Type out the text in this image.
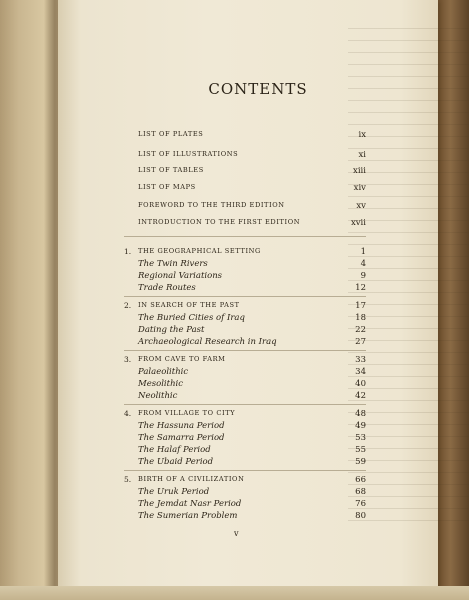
CONTENTS
LIST OF PLATES	ix
LIST OF ILLUSTRATIONS	xi
LIST OF TABLES	xiii
LIST OF MAPS	xiv
FOREWORD TO THE THIRD EDITION	xv
INTRODUCTION TO THE FIRST EDITION	xvii
1. THE GEOGRAPHICAL SETTING	1
The Twin Rivers	4
Regional Variations	9
Trade Routes	12
2. IN SEARCH OF THE PAST	17
The Buried Cities of Iraq	18
Dating the Past	22
Archaeological Research in Iraq	27
3. FROM CAVE TO FARM	33
Palaeolithic	34
Mesolithic	40
Neolithic	42
4. FROM VILLAGE TO CITY	48
The Hassuna Period	49
The Samarra Period	53
The Halaf Period	55
The Ubaid Period	59
5. BIRTH OF A CIVILIZATION	66
The Uruk Period	68
The Jemdat Nasr Period	76
The Sumerian Problem	80
v
